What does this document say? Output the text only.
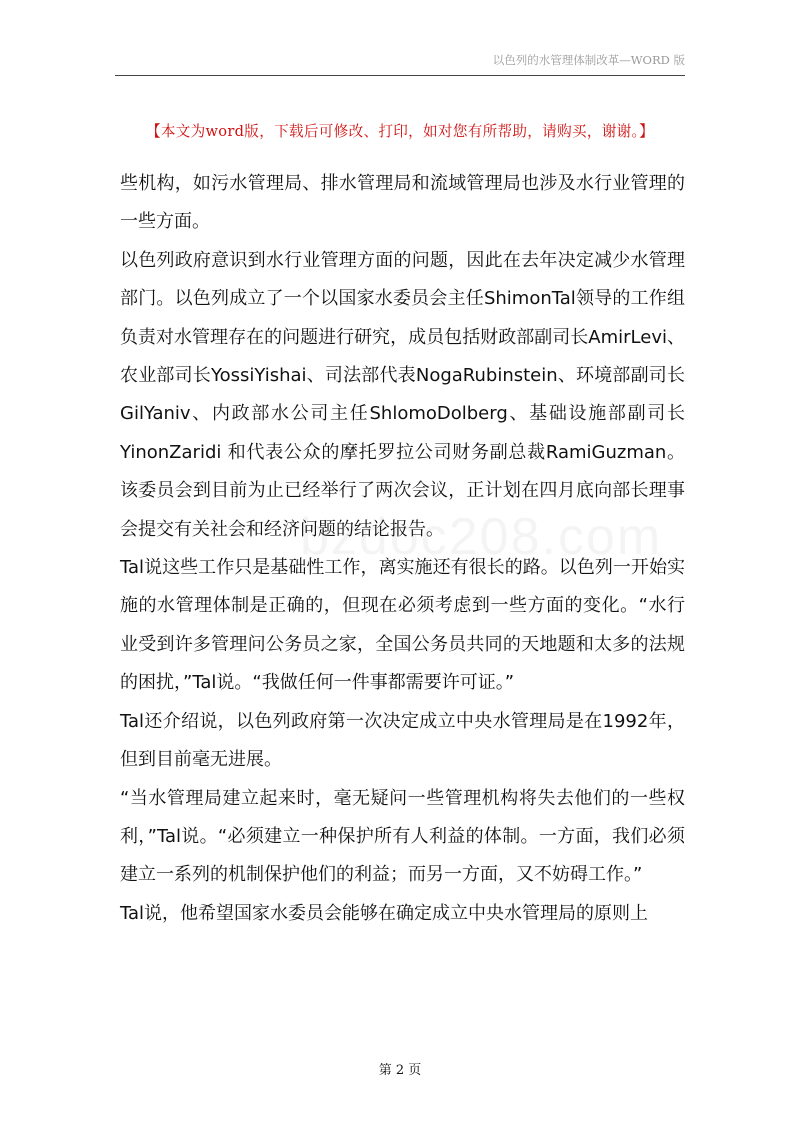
以色列的水管理体制改革—WORD 版
【本文为word版，下载后可修改、打印，如对您有所帮助，请购买，谢谢。】

些机构，如污水管理局、排水管理局和流域管理局也涉及水行业管理的一些方面。

以色列政府意识到水行业管理方面的问题，因此在去年决定减少水管理部门。以色列成立了一个以国家水委员会主任ShimonTal领导的工作组负责对水管理存在的问题进行研究，成员包括财政部副司长AmirLevi、农业部司长YossiYishai、司法部代表NogaRubinstein、环境部副司长GilYaniv、内政部水公司主任ShlomoDolberg、基础设施部副司长 YinonZaridi 和代表公众的摩托罗拉公司财务副总裁RamiGuzman。该委员会到目前为止已经举行了两次会议，正计划在四月底向部长理事会提交有关社会和经济问题的结论报告。

Tal说这些工作只是基础性工作，离实施还有很长的路。以色列一开始实施的水管理体制是正确的，但现在必须考虑到一些方面的变化。“水行业受到许多管理问公务员之家，全国公务员共同的天地题和太多的法规的困扰，”Tal说。“我做任何一件事都需要许可证。”

Tal还介绍说，以色列政府第一次决定成立中央水管理局是在1992年，但到目前毫无进展。

“当水管理局建立起来时，毫无疑问一些管理机构将失去他们的一些权利，”Tal说。“必须建立一种保护所有人利益的体制。一方面，我们必须建立一系列的机制保护他们的利益；而另一方面，又不妨碍工作。”

Tal说，他希望国家水委员会能够在确定成立中央水管理局的原则上

第 2 页
